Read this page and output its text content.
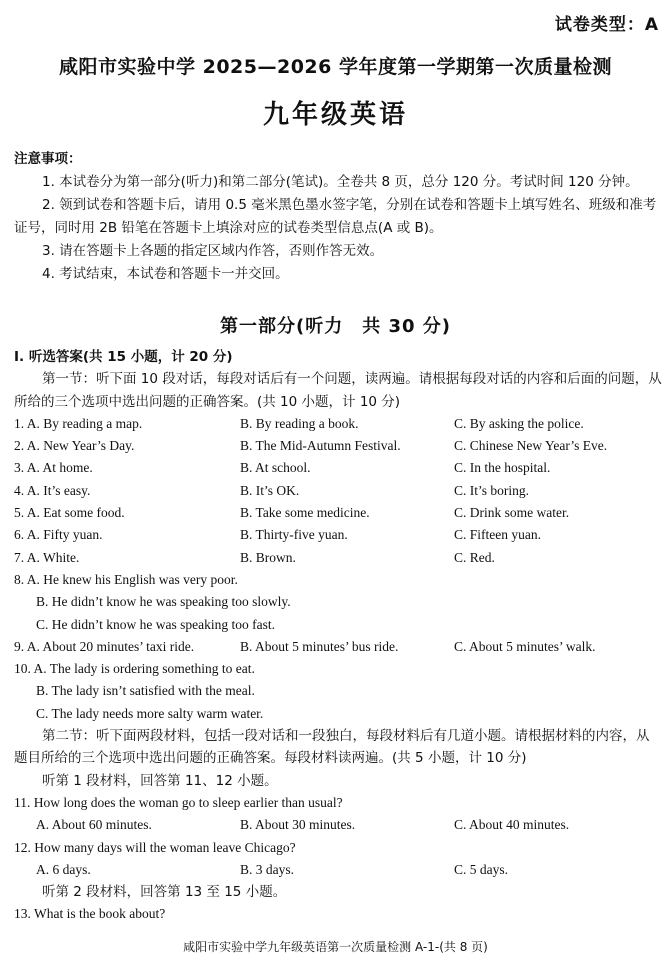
试卷类型：A
咸阳市实验中学 2025—2026 学年度第一学期第一次质量检测
九年级英语
注意事项：
1. 本试卷分为第一部分(听力)和第二部分(笔试)。全卷共 8 页，总分 120 分。考试时间 120 分钟。
2. 领到试卷和答题卡后，请用 0.5 毫米黑色墨水签字笔，分别在试卷和答题卡上填写姓名、班级和准考证号，同时用 2B 铅笔在答题卡上填涂对应的试卷类型信息点(A 或 B)。
3. 请在答题卡上各题的指定区域内作答，否则作答无效。
4. 考试结束，本试卷和答题卡一并交回。
第一部分(听力　共 30 分)
Ⅰ. 听选答案(共 15 小题，计 20 分)
第一节：听下面 10 段对话，每段对话后有一个问题，读两遍。请根据每段对话的内容和后面的问题，从所给的三个选项中选出问题的正确答案。(共 10 小题，计 10 分)
1. A. By reading a map.	B. By reading a book.	C. By asking the police.
2. A. New Year’s Day.	B. The Mid-Autumn Festival.	C. Chinese New Year’s Eve.
3. A. At home.	B. At school.	C. In the hospital.
4. A. It’s easy.	B. It’s OK.	C. It’s boring.
5. A. Eat some food.	B. Take some medicine.	C. Drink some water.
6. A. Fifty yuan.	B. Thirty-five yuan.	C. Fifteen yuan.
7. A. White.	B. Brown.	C. Red.
8. A. He knew his English was very poor.
B. He didn’t know he was speaking too slowly.
C. He didn’t know he was speaking too fast.
9. A. About 20 minutes’ taxi ride.	B. About 5 minutes’ bus ride.	C. About 5 minutes’ walk.
10. A. The lady is ordering something to eat.
B. The lady isn’t satisfied with the meal.
C. The lady needs more salty warm water.
第二节：听下面两段材料，包括一段对话和一段独白，每段材料后有几道小题。请根据材料的内容，从题目所给的三个选项中选出问题的正确答案。每段材料读两遍。(共 5 小题，计 10 分)
听第 1 段材料，回答第 11、12 小题。
11. How long does the woman go to sleep earlier than usual?
A. About 60 minutes.	B. About 30 minutes.	C. About 40 minutes.
12. How many days will the woman leave Chicago?
A. 6 days.	B. 3 days.	C. 5 days.
听第 2 段材料，回答第 13 至 15 小题。
13. What is the book about?
咸阳市实验中学九年级英语第一次质量检测 A-1-(共 8 页)
